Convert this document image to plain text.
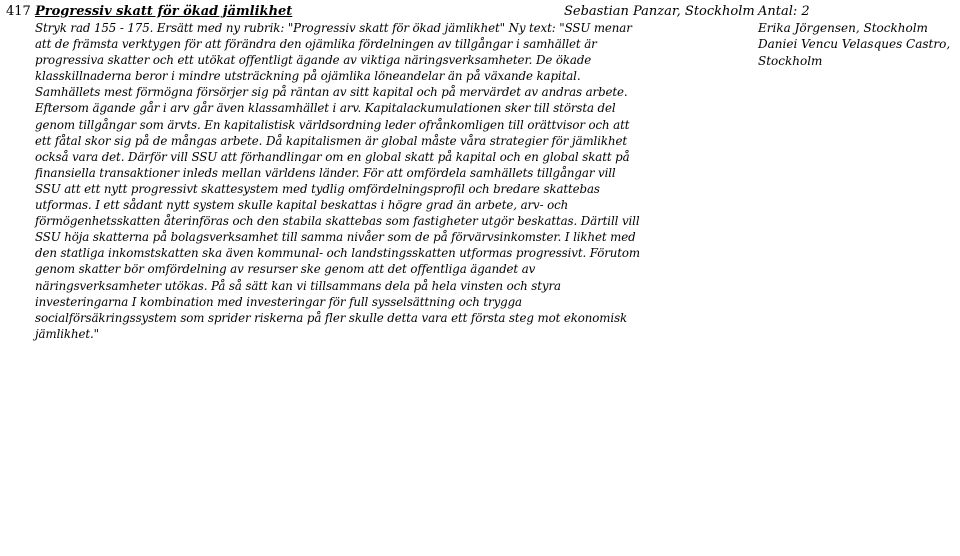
417 Progressiv skatt för ökad jämlikhet
Stryk rad 155 - 175. Ersätt med ny rubrik: "Progressiv skatt för ökad jämlikhet" Ny text: "SSU menar
att de främsta verktygen för att förändra den ojämlika fördelningen av tillgångar i samhället är
progressiva skatter och ett utökat offentligt ägande av viktiga näringsverksamheter. De ökade
klasskillnaderna beror i mindre utsträckning på ojämlika löneandelar än på växande kapital.
Samhällets mest förmögna försörjer sig på räntan av sitt kapital och på mervärdet av andras arbete.
Eftersom ägande går i arv går även klassamhället i arv. Kapitalackumulationen sker till största del
genom tillgångar som ärvts. En kapitalistisk världsordning leder ofrånkomligen till orättvisor och att
ett fåtal skor sig på de mångas arbete. Då kapitalismen är global måste våra strategier för jämlikhet
också vara det. Därför vill SSU att förhandlingar om en global skatt på kapital och en global skatt på
finansiella transaktioner inleds mellan världens länder. För att omfördela samhällets tillgångar vill
SSU att ett nytt progressivt skattesystem med tydlig omfördelningsprofil och bredare skattebas
utformas. I ett sådant nytt system skulle kapital beskattas i högre grad än arbete, arv- och
förmögenhetsskatten återinföras och den stabila skattebas som fastigheter utgör beskattas. Därtill vill
SSU höja skatterna på bolagsverksamhet till samma nivåer som de på förvärvsinkomster. I likhet med
den statliga inkomstskatten ska även kommunal- och landstingsskatten utformas progressivt. Förutom
genom skatter bör omfördelning av resurser ske genom att det offentliga ägandet av
näringsverksamheter utökas. På så sätt kan vi tillsammans dela på hela vinsten och styra
investeringarna I kombination med investeringar för full sysselsättning och trygga
socialförsäkringssystem som sprider riskerna på fler skulle detta vara ett första steg mot ekonomisk
jämlikhet."
Sebastian Panzar, Stockholm Antal: 2
Erika Jörgensen, Stockholm
Daniei Vencu Velasques Castro,
Stockholm
